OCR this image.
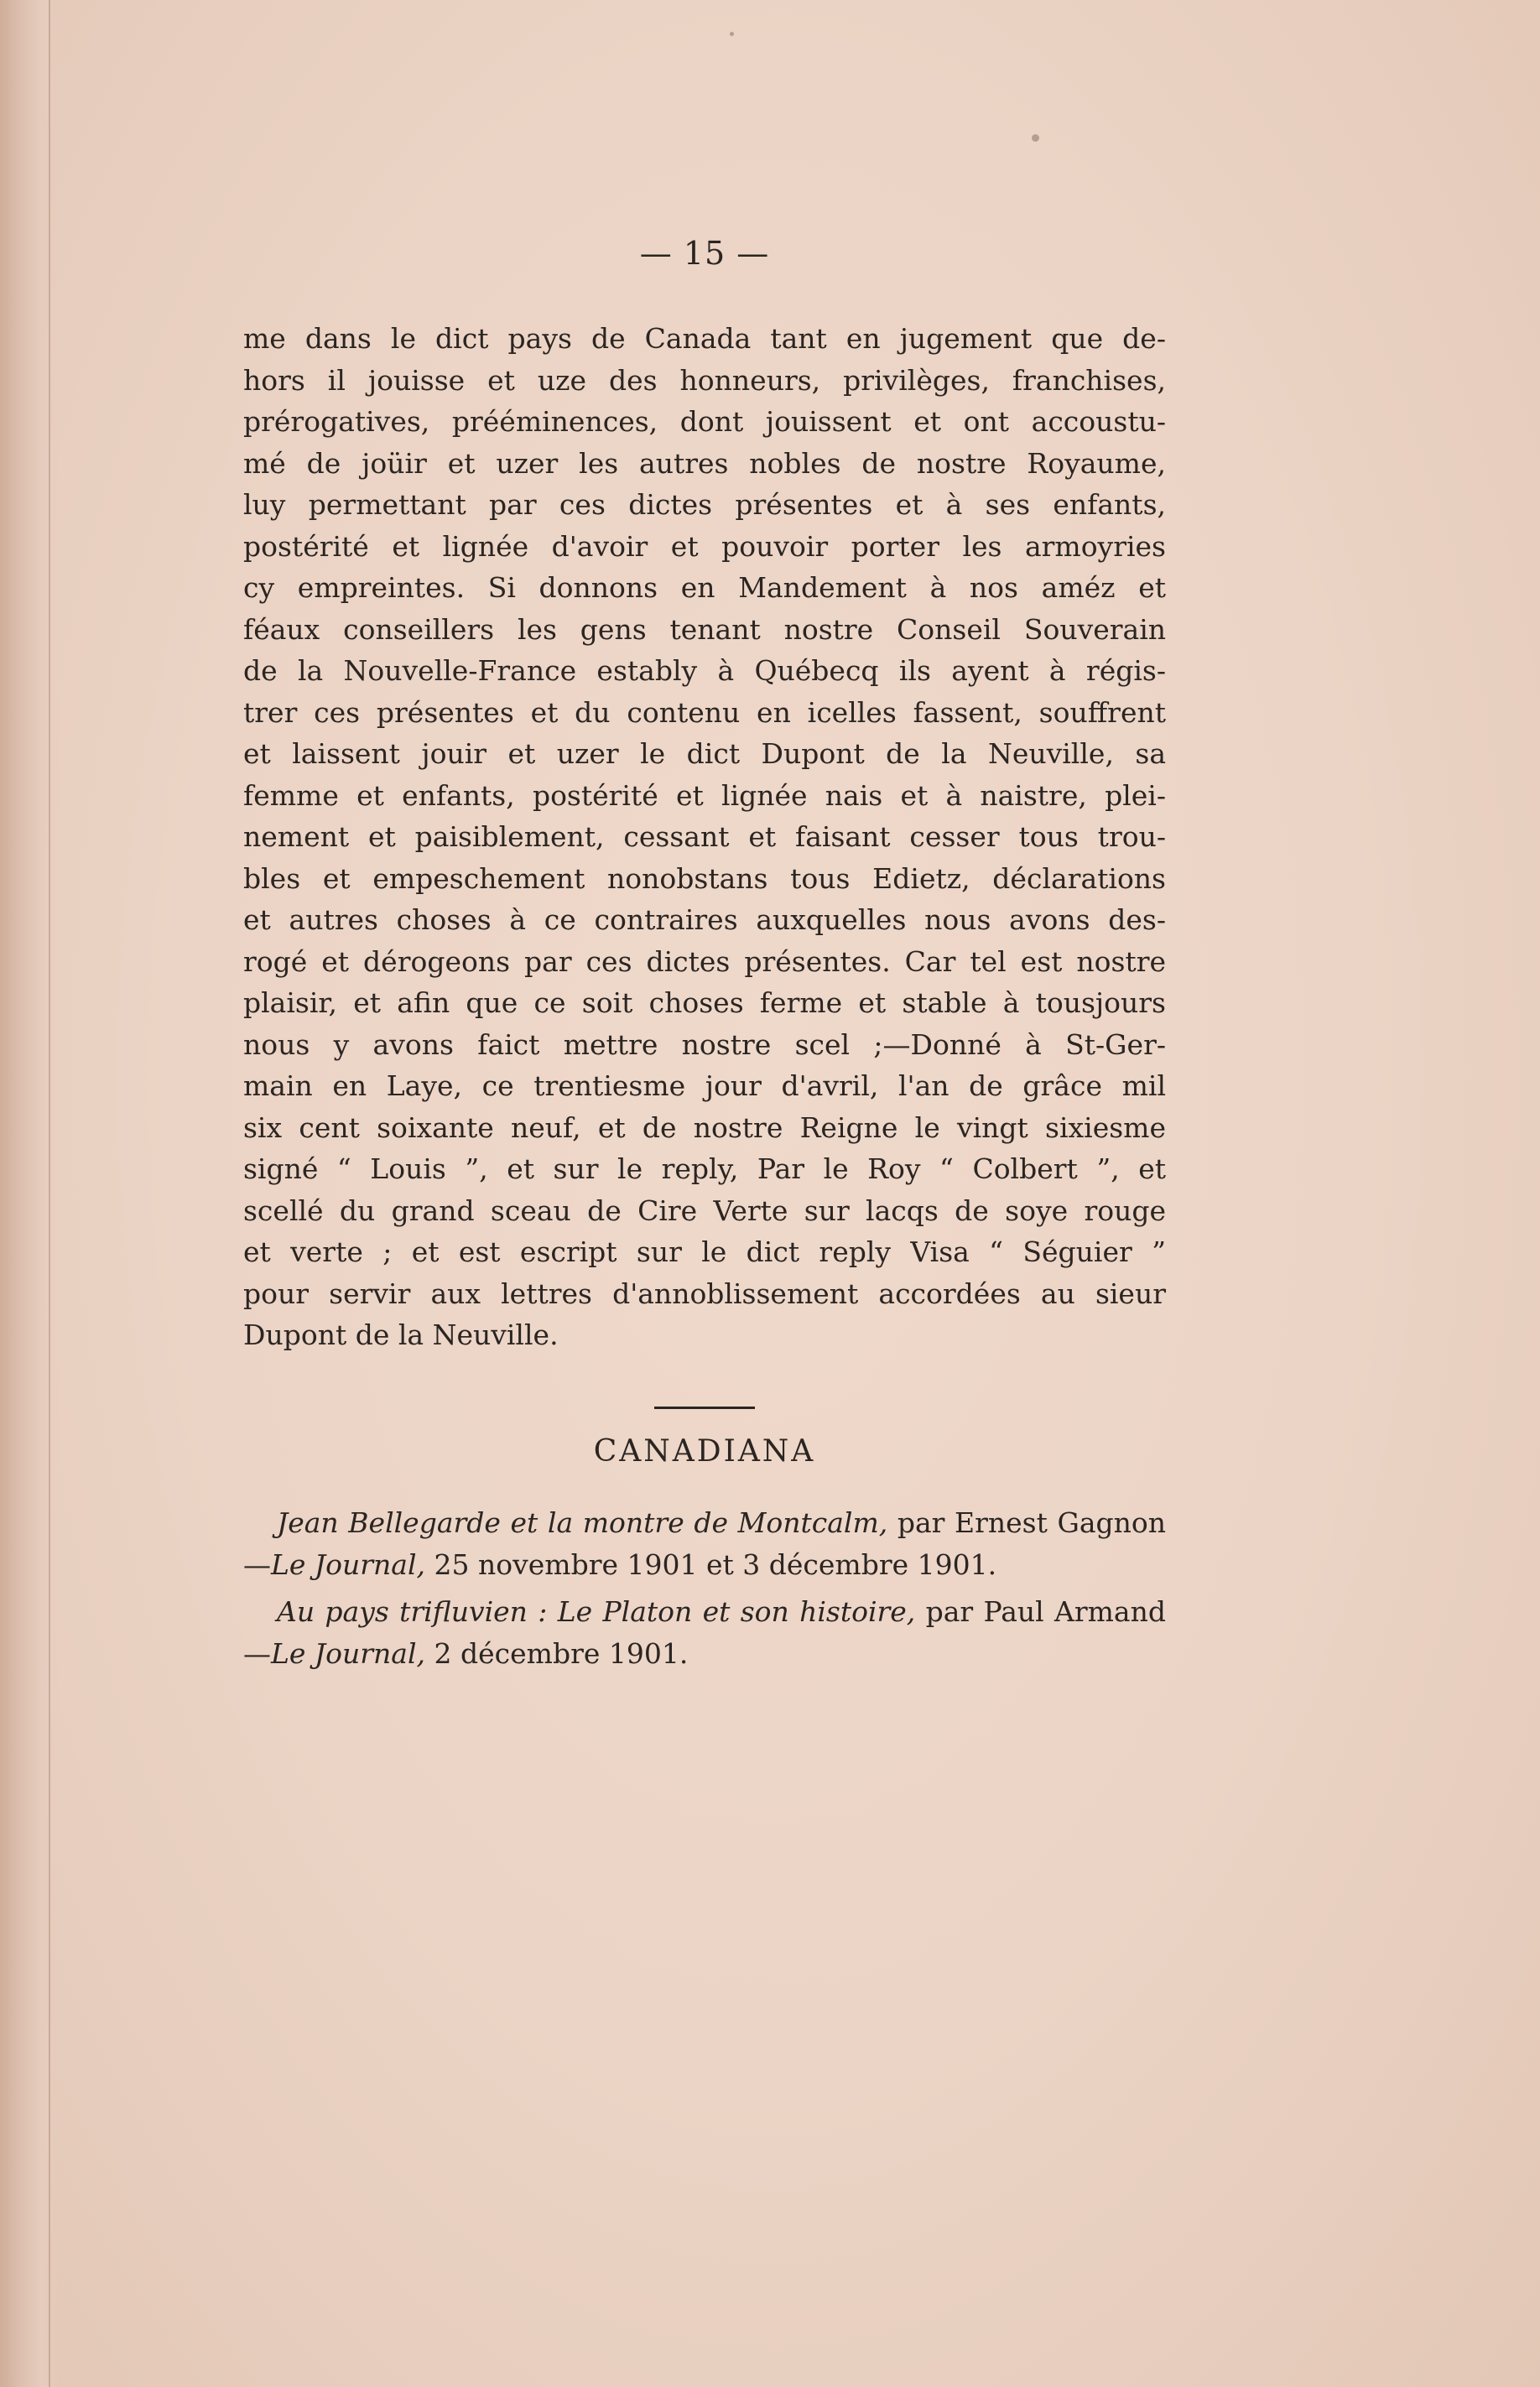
— 15 —
me dans le dict pays de Canada tant en jugement que de-
hors il jouisse et uze des honneurs, privilèges, franchises,
prérogatives, prééminences, dont jouissent et ont accoustu-
mé de joüir et uzer les autres nobles de nostre Royaume,
luy permettant par ces dictes présentes et à ses enfants,
postérité et lignée d'avoir et pouvoir porter les armoyries
cy empreintes. Si donnons en Mandement à nos améz et
féaux conseillers les gens tenant nostre Conseil Souverain
de la Nouvelle-France estably à Québecq ils ayent à régis-
trer ces présentes et du contenu en icelles fassent, souffrent
et laissent jouir et uzer le dict Dupont de la Neuville, sa
femme et enfants, postérité et lignée nais et à naistre, plei-
nement et paisiblement, cessant et faisant cesser tous trou-
bles et empeschement nonobstans tous Edietz, déclarations
et autres choses à ce contraires auxquelles nous avons des-
rogé et dérogeons par ces dictes présentes. Car tel est nostre
plaisir, et afin que ce soit choses ferme et stable à tousjours
nous y avons faict mettre nostre scel ;—Donné à St-Ger-
main en Laye, ce trentiesme jour d'avril, l'an de grâce mil
six cent soixante neuf, et de nostre Reigne le vingt sixiesme
signé “ Louis ”, et sur le reply, Par le Roy “ Colbert ”, et
scellé du grand sceau de Cire Verte sur lacqs de soye rouge
et verte ; et est escript sur le dict reply Visa “ Séguier ”
pour servir aux lettres d'annoblissement accordées au sieur
Dupont de la Neuville.
CANADIANA

Jean Bellegarde et la montre de Montcalm, par Ernest Gagnon—Le Journal, 25 novembre 1901 et 3 décembre 1901.

Au pays trifluvien : Le Platon et son histoire, par Paul Armand—Le Journal, 2 décembre 1901.
